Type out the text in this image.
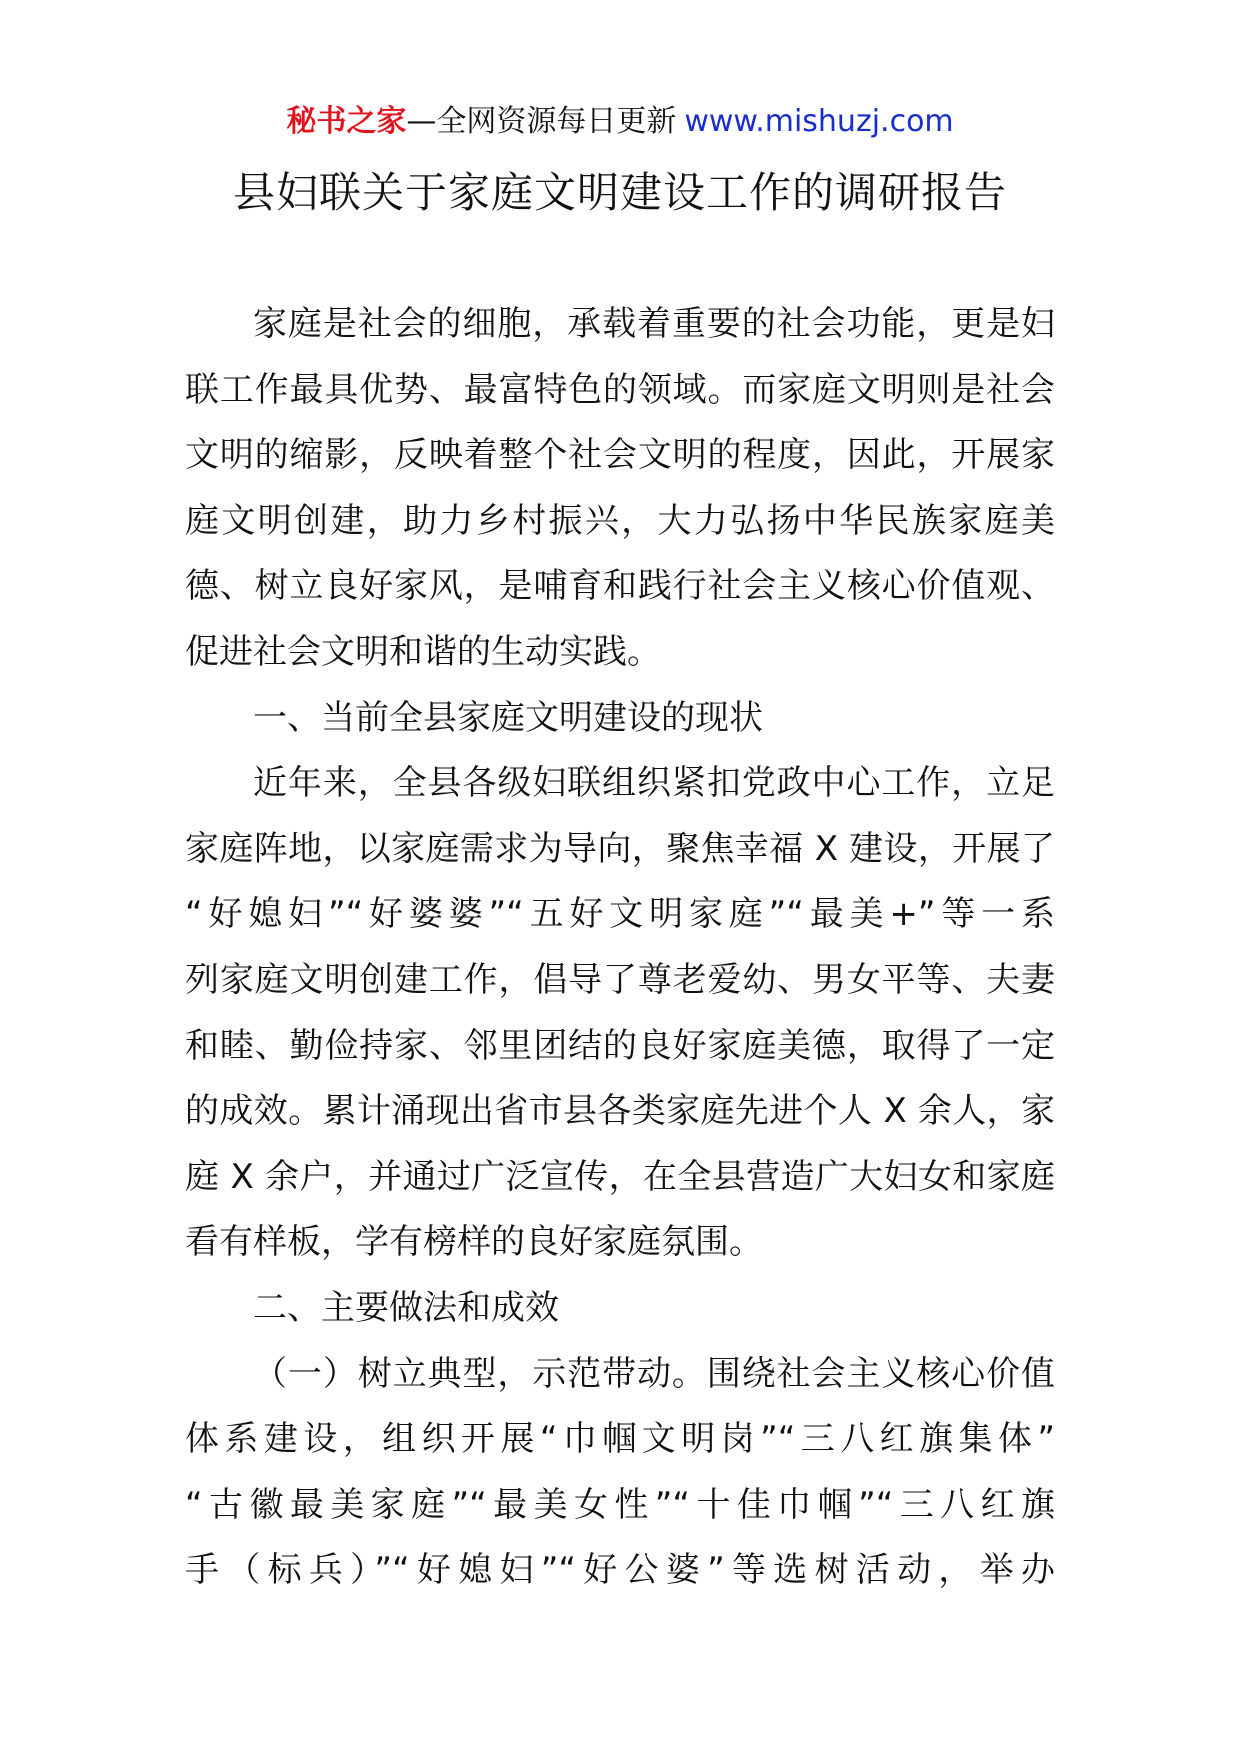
秘书之家—全网资源每日更新 www.mishuzj.com
县妇联关于家庭文明建设工作的调研报告
家庭是社会的细胞，承载着重要的社会功能，更是妇
联工作最具优势、最富特色的领域。而家庭文明则是社会
文明的缩影，反映着整个社会文明的程度，因此，开展家
庭文明创建，助力乡村振兴，大力弘扬中华民族家庭美
德、树立良好家风，是哺育和践行社会主义核心价值观、
促进社会文明和谐的生动实践。
一、当前全县家庭文明建设的现状
近年来，全县各级妇联组织紧扣党政中心工作，立足
家庭阵地，以家庭需求为导向，聚焦幸福 X 建设，开展了
“好媳妇”“好婆婆”“五好文明家庭”“最美+”等一系
列家庭文明创建工作，倡导了尊老爱幼、男女平等、夫妻
和睦、勤俭持家、邻里团结的良好家庭美德，取得了一定
的成效。累计涌现出省市县各类家庭先进个人 X 余人，家
庭 X 余户，并通过广泛宣传，在全县营造广大妇女和家庭
看有样板，学有榜样的良好家庭氛围。
二、主要做法和成效
（一）树立典型，示范带动。围绕社会主义核心价值
体系建设，组织开展“巾帼文明岗”“三八红旗集体”
“古徽最美家庭”“最美女性”“十佳巾帼”“三八红旗
手（标兵）”“好媳妇”“好公婆”等选树活动，举办
